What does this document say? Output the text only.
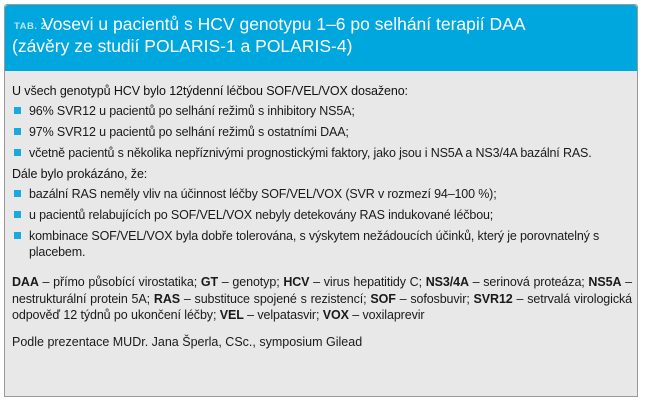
TAB. 2
Vosevi u pacientů s HCV genotypu 1–6 po selhání terapií DAA
(závěry ze studií POLARIS-1 a POLARIS-4)
U všech genotypů HCV bylo 12týdenní léčbou SOF/VEL/VOX dosaženo:
96% SVR12 u pacientů po selhání režimů s inhibitory NS5A;
97% SVR12 u pacientů po selhání režimů s ostatními DAA;
včetně pacientů s několika nepříznivými prognostickými faktory, jako jsou i NS5A a NS3/4A bazální RAS.
Dále bylo prokázáno, že:
bazální RAS neměly vliv na účinnost léčby SOF/VEL/VOX (SVR v rozmezí 94–100 %);
u pacientů relabujících po SOF/VEL/VOX nebyly detekovány RAS indukované léčbou;
kombinace SOF/VEL/VOX byla dobře tolerována, s výskytem nežádoucích účinků, který je porovnatelný s placebem.
DAA – přímo působící virostatika; GT – genotyp; HCV – virus hepatitidy C; NS3/4A – serinová proteáza; NS5A – nestrukturální protein 5A; RAS – substituce spojené s rezistencí; SOF – sofosbuvir; SVR12 – setrvalá virologická odpověď 12 týdnů po ukončení léčby; VEL – velpatasvir; VOX – voxilaprevir
Podle prezentace MUDr. Jana Šperla, CSc., symposium Gilead
